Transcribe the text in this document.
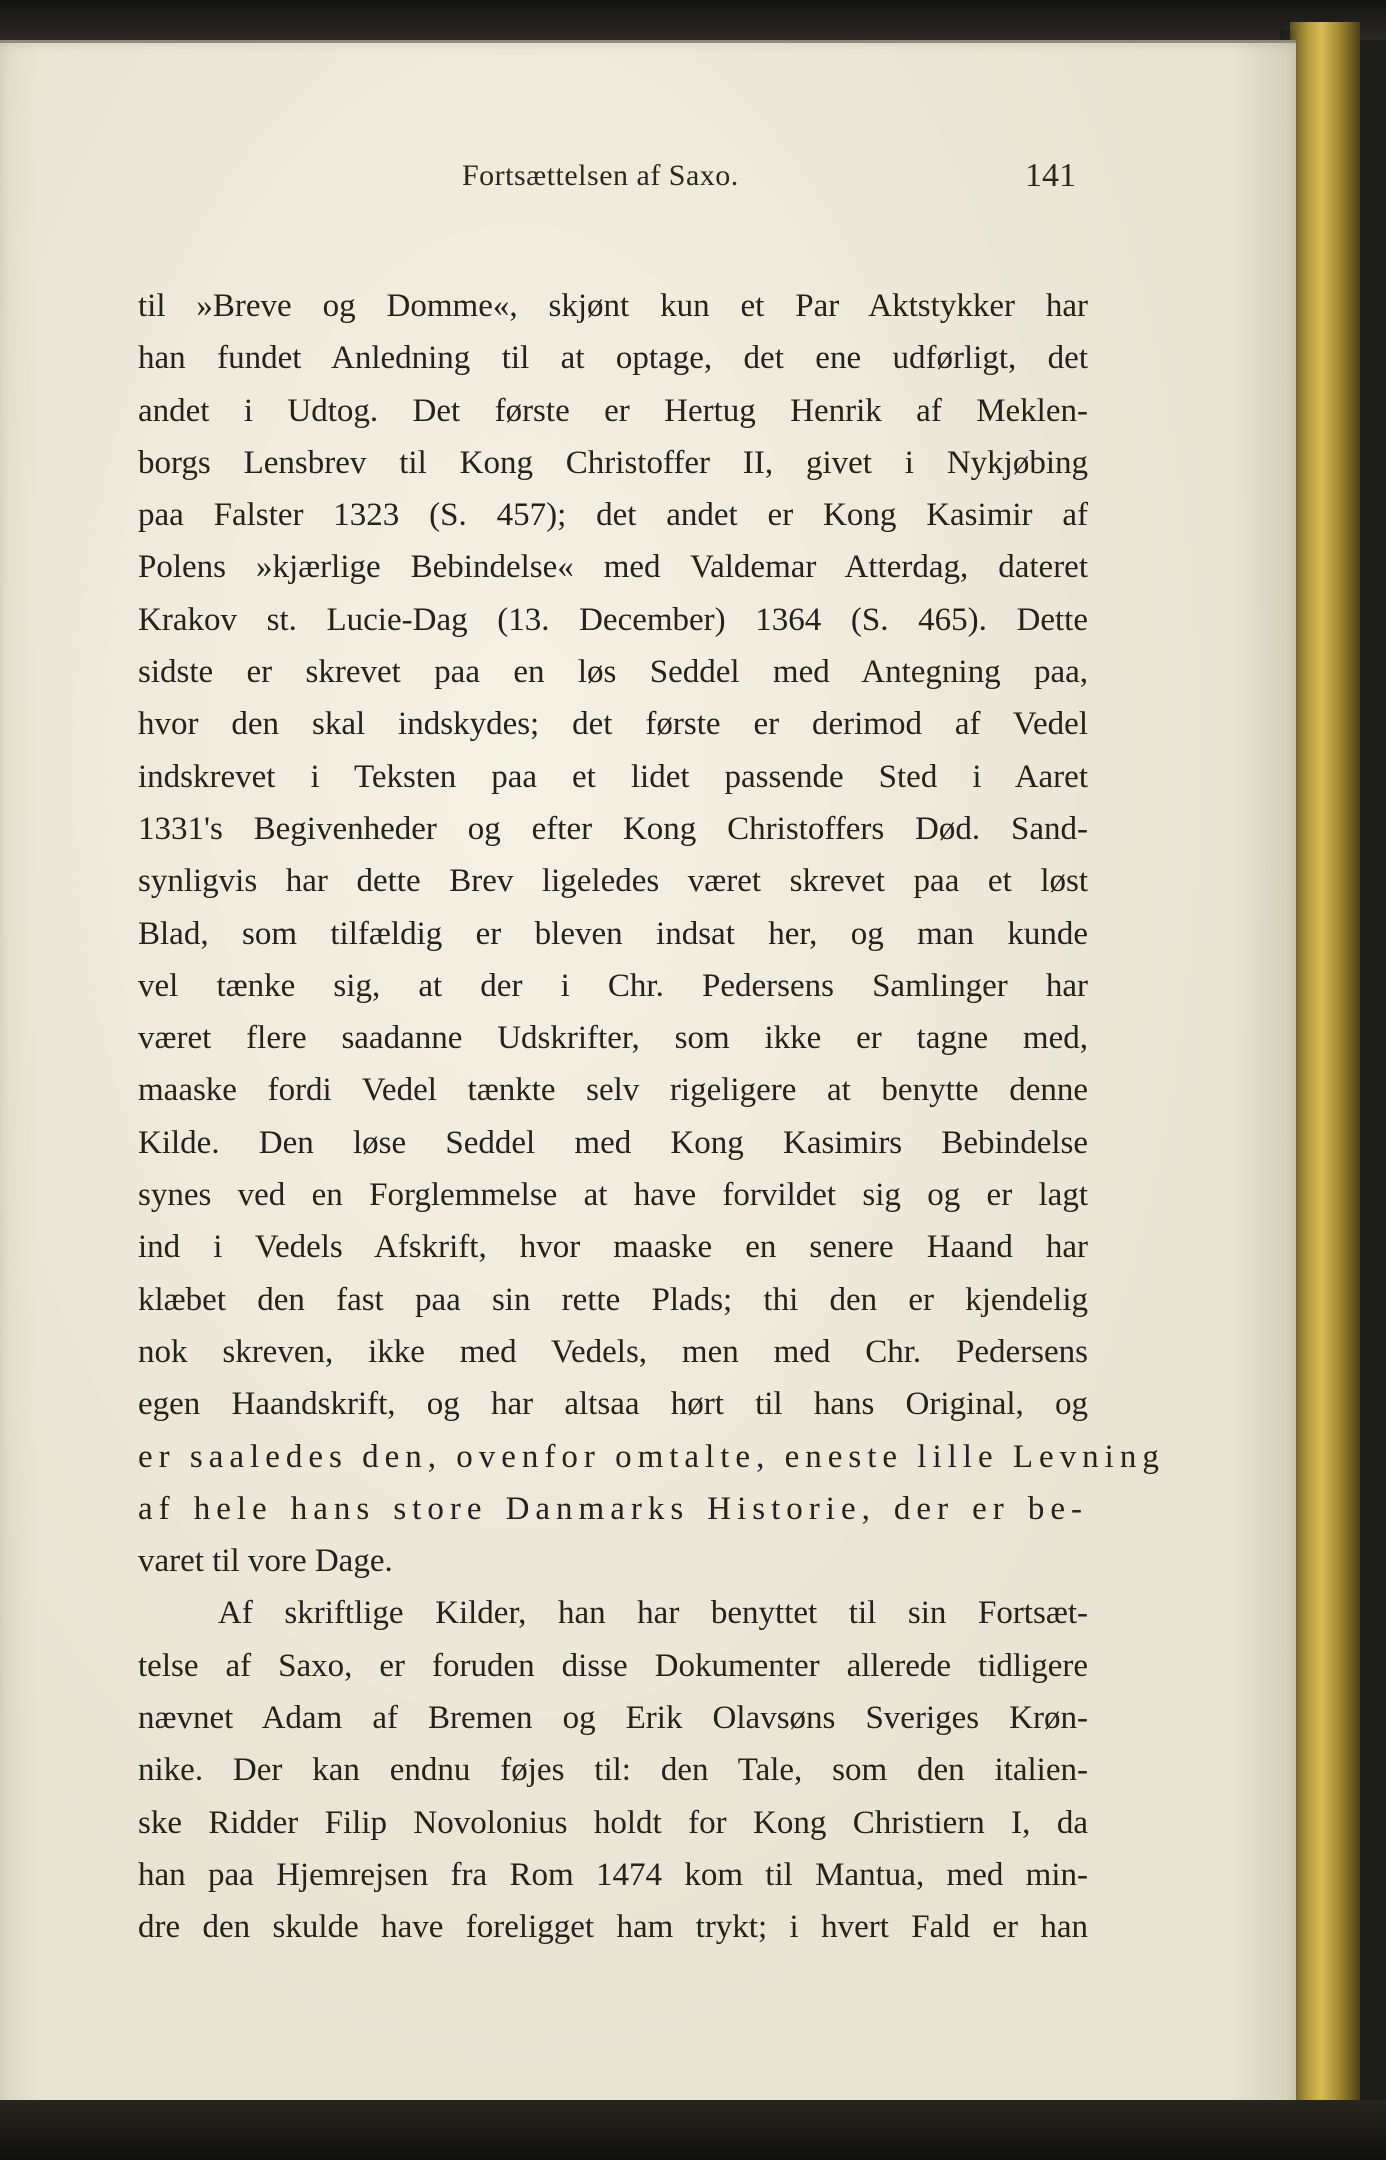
Fortsættelsen af Saxo.	141
til »Breve og Domme«, skjønt kun et Par Aktstykker har
han fundet Anledning til at optage, det ene udførligt, det
andet i Udtog. Det første er Hertug Henrik af Meklen-
borgs Lensbrev til Kong Christoffer II, givet i Nykjøbing
paa Falster 1323 (S. 457); det andet er Kong Kasimir af
Polens »kjærlige Bebindelse« med Valdemar Atterdag, dateret
Krakov st. Lucie-Dag (13. December) 1364 (S. 465). Dette
sidste er skrevet paa en løs Seddel med Antegning paa,
hvor den skal indskydes; det første er derimod af Vedel
indskrevet i Teksten paa et lidet passende Sted i Aaret
1331's Begivenheder og efter Kong Christoffers Død. Sand-
synligvis har dette Brev ligeledes været skrevet paa et løst
Blad, som tilfældig er bleven indsat her, og man kunde
vel tænke sig, at der i Chr. Pedersens Samlinger har
været flere saadanne Udskrifter, som ikke er tagne med,
maaske fordi Vedel tænkte selv rigeligere at benytte denne
Kilde. Den løse Seddel med Kong Kasimirs Bebindelse
synes ved en Forglemmelse at have forvildet sig og er lagt
ind i Vedels Afskrift, hvor maaske en senere Haand har
klæbet den fast paa sin rette Plads; thi den er kjendelig
nok skreven, ikke med Vedels, men med Chr. Pedersens
egen Haandskrift, og har altsaa hørt til hans Original, og
er saaledes den, ovenfor omtalte, eneste lille Levning
af hele hans store Danmarks Historie, der er be-
varet til vore Dage.
Af skriftlige Kilder, han har benyttet til sin Fortsæt-
telse af Saxo, er foruden disse Dokumenter allerede tidligere
nævnet Adam af Bremen og Erik Olavsøns Sveriges Krøn-
nike. Der kan endnu føjes til: den Tale, som den italien-
ske Ridder Filip Novolonius holdt for Kong Christiern I, da
han paa Hjemrejsen fra Rom 1474 kom til Mantua, med min-
dre den skulde have foreligget ham trykt; i hvert Fald er han
